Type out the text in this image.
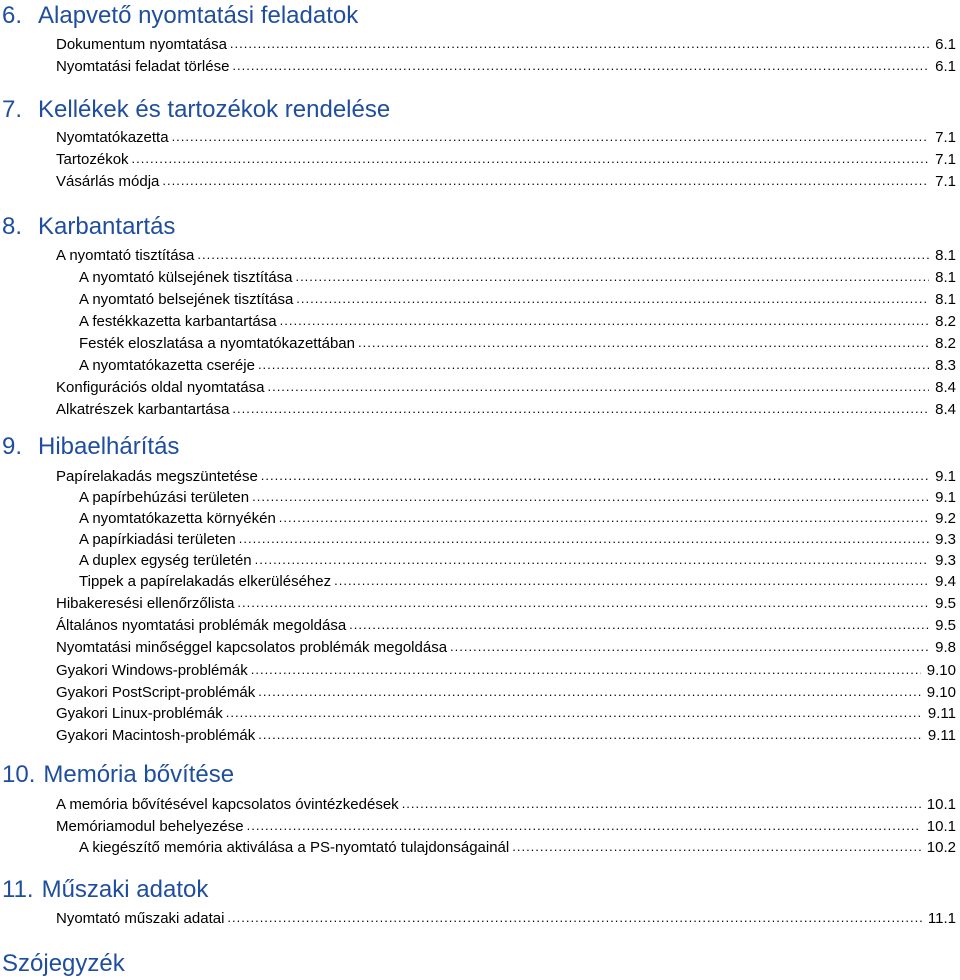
6. Alapvető nyomtatási feladatok
Dokumentum nyomtatása .....	6.1
Nyomtatási feladat törlése .....	6.1
7. Kellékek és tartozékok rendelése
Nyomtatókazetta .....	7.1
Tartozékok .....	7.1
Vásárlás módja .....	7.1
8. Karbantartás
A nyomtató tisztítása .....	8.1
A nyomtató külsejének tisztítása .....	8.1
A nyomtató belsejének tisztítása .....	8.1
A festékkazetta karbantartása .....	8.2
Festék eloszlatása a nyomtatókazettában .....	8.2
A nyomtatókazetta cseréje .....	8.3
Konfigurációs oldal nyomtatása .....	8.4
Alkatrészek karbantartása .....	8.4
9. Hibaelhárítás
Papírelakadás megszüntetése .....	9.1
A papírbehúzási területen .....	9.1
A nyomtatókazetta környékén .....	9.2
A papírkiadási területen .....	9.3
A duplex egység területén .....	9.3
Tippek a papírelakadás elkerüléséhez .....	9.4
Hibakeresési ellenőrzőlista .....	9.5
Általános nyomtatási problémák megoldása .....	9.5
Nyomtatási minőséggel kapcsolatos problémák megoldása .....	9.8
Gyakori Windows-problémák .....	9.10
Gyakori PostScript-problémák .....	9.10
Gyakori Linux-problémák .....	9.11
Gyakori Macintosh-problémák .....	9.11
10. Memória bővítése
A memória bővítésével kapcsolatos óvintézkedések .....	10.1
Memóriamodul behelyezése .....	10.1
A kiegészítő memória aktiválása a PS-nyomtató tulajdonságainál .....	10.2
11. Műszaki adatok
Nyomtató műszaki adatai .....	11.1
Szójegyzék
